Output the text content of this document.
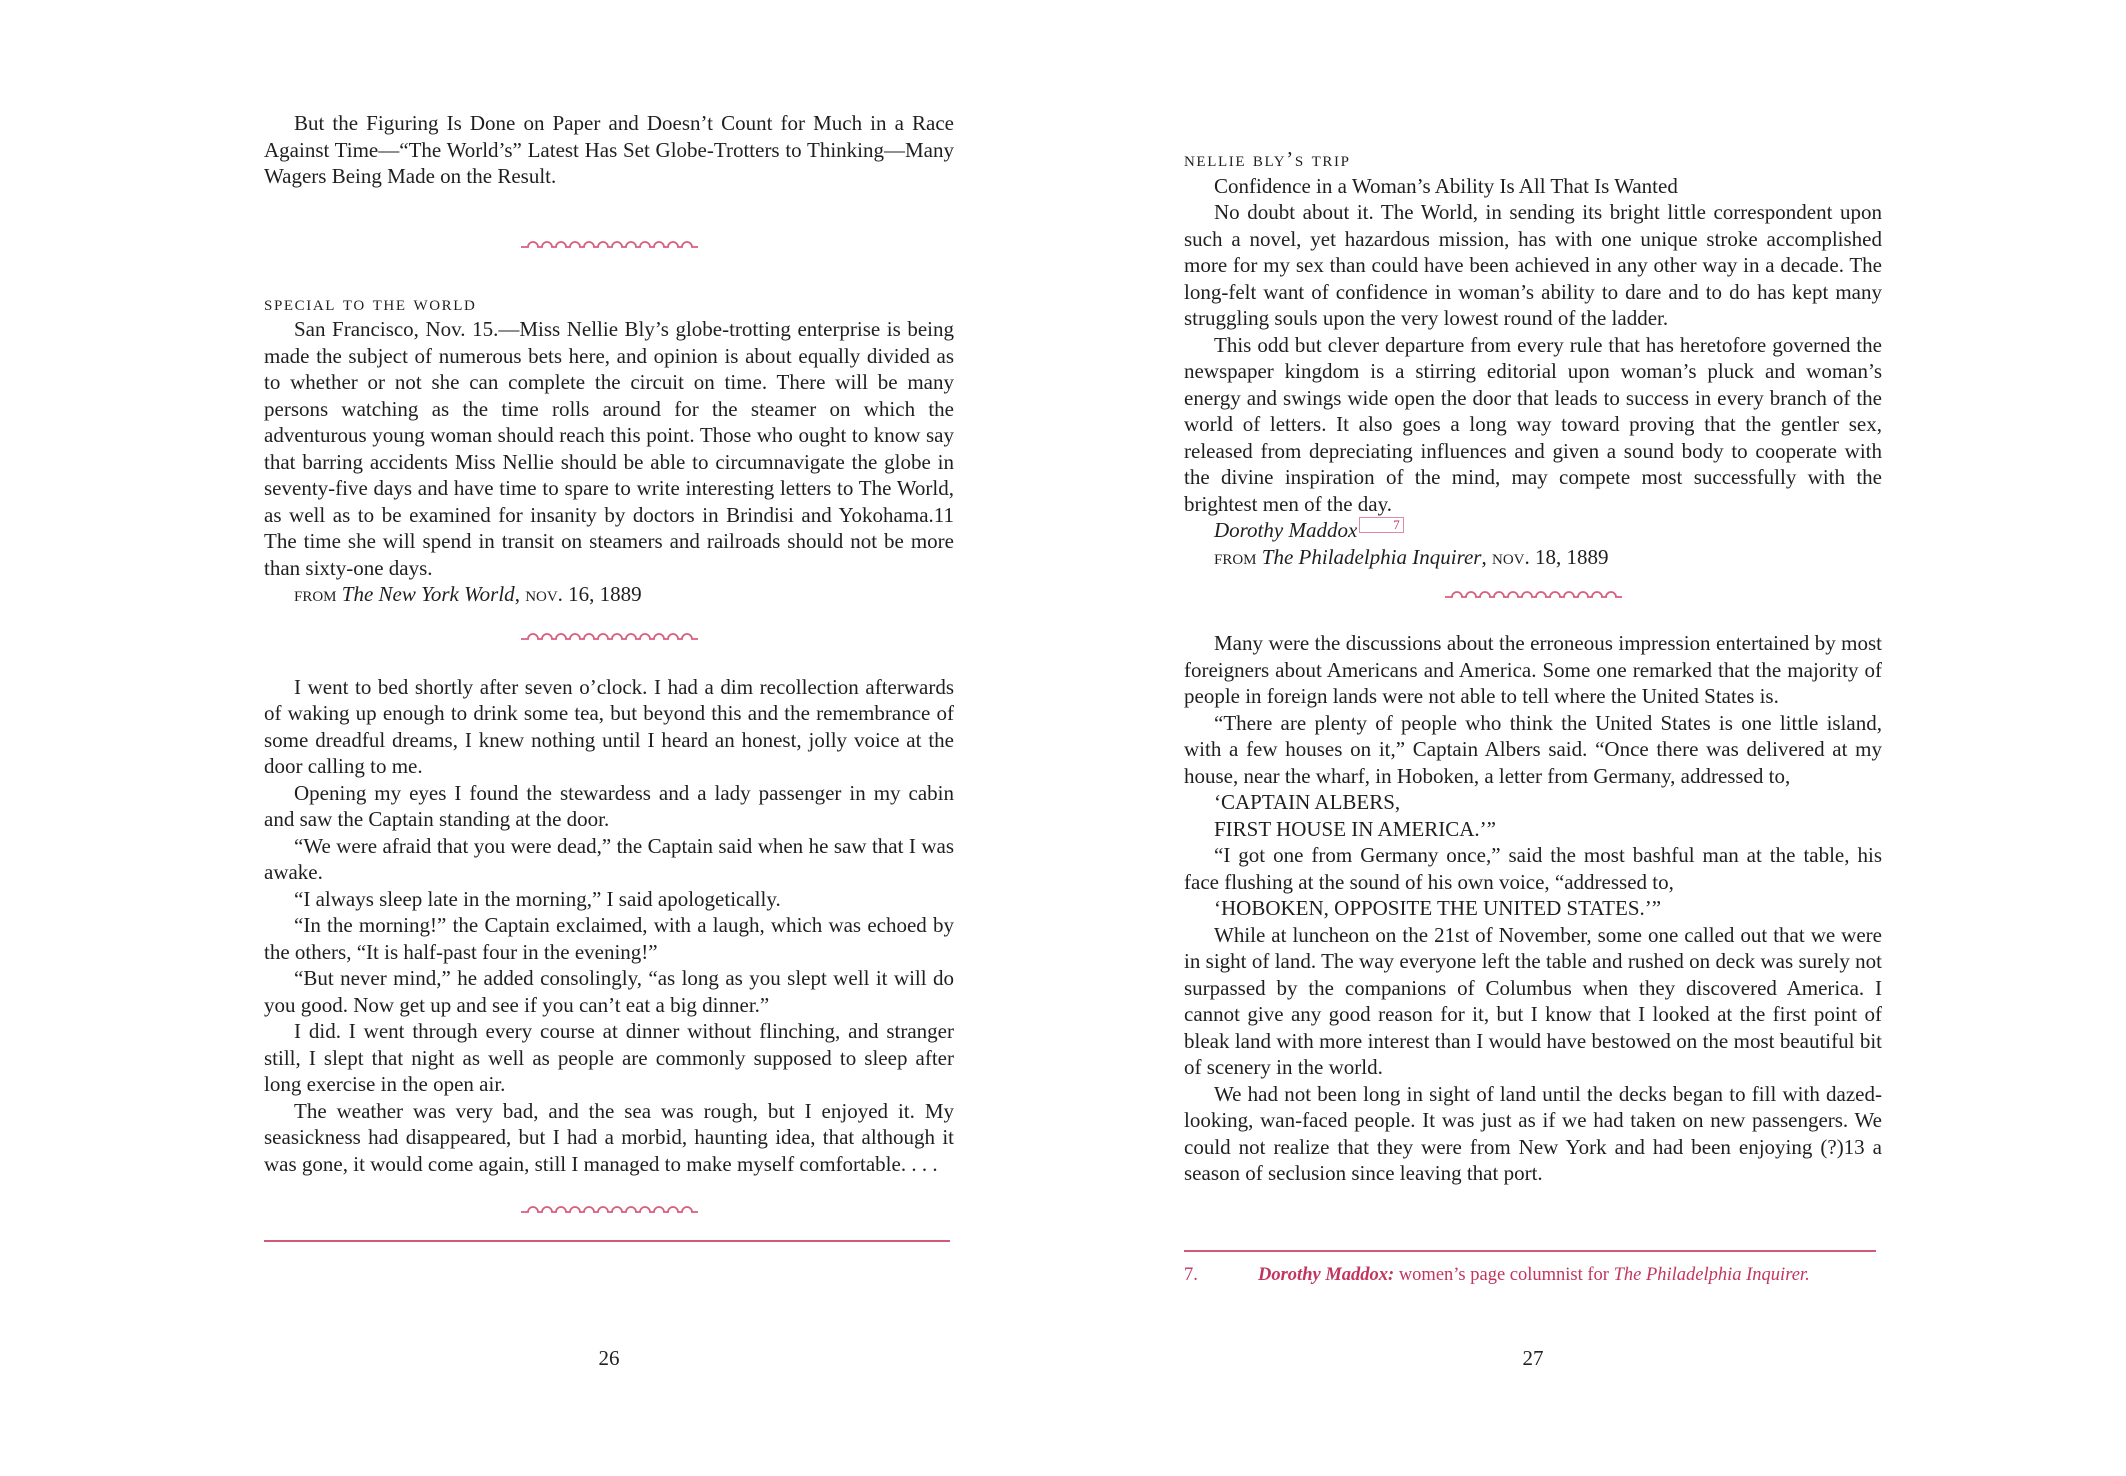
But the Figuring Is Done on Paper and Doesn’t Count for Much in a Race Against Time—“The World’s” Latest Has Set Globe-Trotters to Thinking—Many Wagers Being Made on the Result.

special to the world

San Francisco, Nov. 15.—Miss Nellie Bly’s globe-trotting enterprise is being made the subject of numerous bets here, and opinion is about equally divided as to whether or not she can complete the circuit on time. There will be many persons watching as the time rolls around for the steamer on which the adventurous young woman should reach this point. Those who ought to know say that barring accidents Miss Nellie should be able to circumnavigate the globe in seventy-five days and have time to spare to write interesting letters to The World, as well as to be examined for insanity by doctors in Brindisi and Yokohama.11 The time she will spend in transit on steamers and railroads should not be more than sixty-one days.

from The New York World, nov. 16, 1889

I went to bed shortly after seven o’clock. I had a dim recollection afterwards of waking up enough to drink some tea, but beyond this and the remembrance of some dreadful dreams, I knew nothing until I heard an honest, jolly voice at the door calling to me.

Opening my eyes I found the stewardess and a lady passenger in my cabin and saw the Captain standing at the door.

“We were afraid that you were dead,” the Captain said when he saw that I was awake.

“I always sleep late in the morning,” I said apologetically.

“In the morning!” the Captain exclaimed, with a laugh, which was echoed by the others, “It is half-past four in the evening!”

“But never mind,” he added consolingly, “as long as you slept well it will do you good. Now get up and see if you can’t eat a big dinner.”

I did. I went through every course at dinner without flinching, and stranger still, I slept that night as well as people are commonly supposed to sleep after long exercise in the open air.

The weather was very bad, and the sea was rough, but I enjoyed it. My seasickness had disappeared, but I had a morbid, haunting idea, that although it was gone, it would come again, still I managed to make myself comfortable. . . .

26

nellie bly’s trip

Confidence in a Woman’s Ability Is All That Is Wanted

No doubt about it. The World, in sending its bright little correspondent upon such a novel, yet hazardous mission, has with one unique stroke accomplished more for my sex than could have been achieved in any other way in a decade. The long-felt want of confidence in woman’s ability to dare and to do has kept many struggling souls upon the very lowest round of the ladder.

This odd but clever departure from every rule that has heretofore governed the newspaper kingdom is a stirring editorial upon woman’s pluck and woman’s energy and swings wide open the door that leads to success in every branch of the world of letters. It also goes a long way toward proving that the gentler sex, released from depreciating influences and given a sound body to cooperate with the divine inspiration of the mind, may compete most successfully with the brightest men of the day.

Dorothy Maddox	7

from The Philadelphia Inquirer, nov. 18, 1889

Many were the discussions about the erroneous impression entertained by most foreigners about Americans and America. Some one remarked that the majority of people in foreign lands were not able to tell where the United States is.

“There are plenty of people who think the United States is one little island, with a few houses on it,” Captain Albers said. “Once there was delivered at my house, near the wharf, in Hoboken, a letter from Germany, addressed to,

‘CAPTAIN ALBERS,

FIRST HOUSE IN AMERICA.’”

“I got one from Germany once,” said the most bashful man at the table, his face flushing at the sound of his own voice, “addressed to,

‘HOBOKEN, OPPOSITE THE UNITED STATES.’”

While at luncheon on the 21st of November, some one called out that we were in sight of land. The way everyone left the table and rushed on deck was surely not surpassed by the companions of Columbus when they discovered America. I cannot give any good reason for it, but I know that I looked at the first point of bleak land with more interest than I would have bestowed on the most beautiful bit of scenery in the world.

We had not been long in sight of land until the decks began to fill with dazed-looking, wan-faced people. It was just as if we had taken on new passengers. We could not realize that they were from New York and had been enjoying (?)13 a season of seclusion since leaving that port.

7.	Dorothy Maddox: women’s page columnist for The Philadelphia Inquirer.
27
